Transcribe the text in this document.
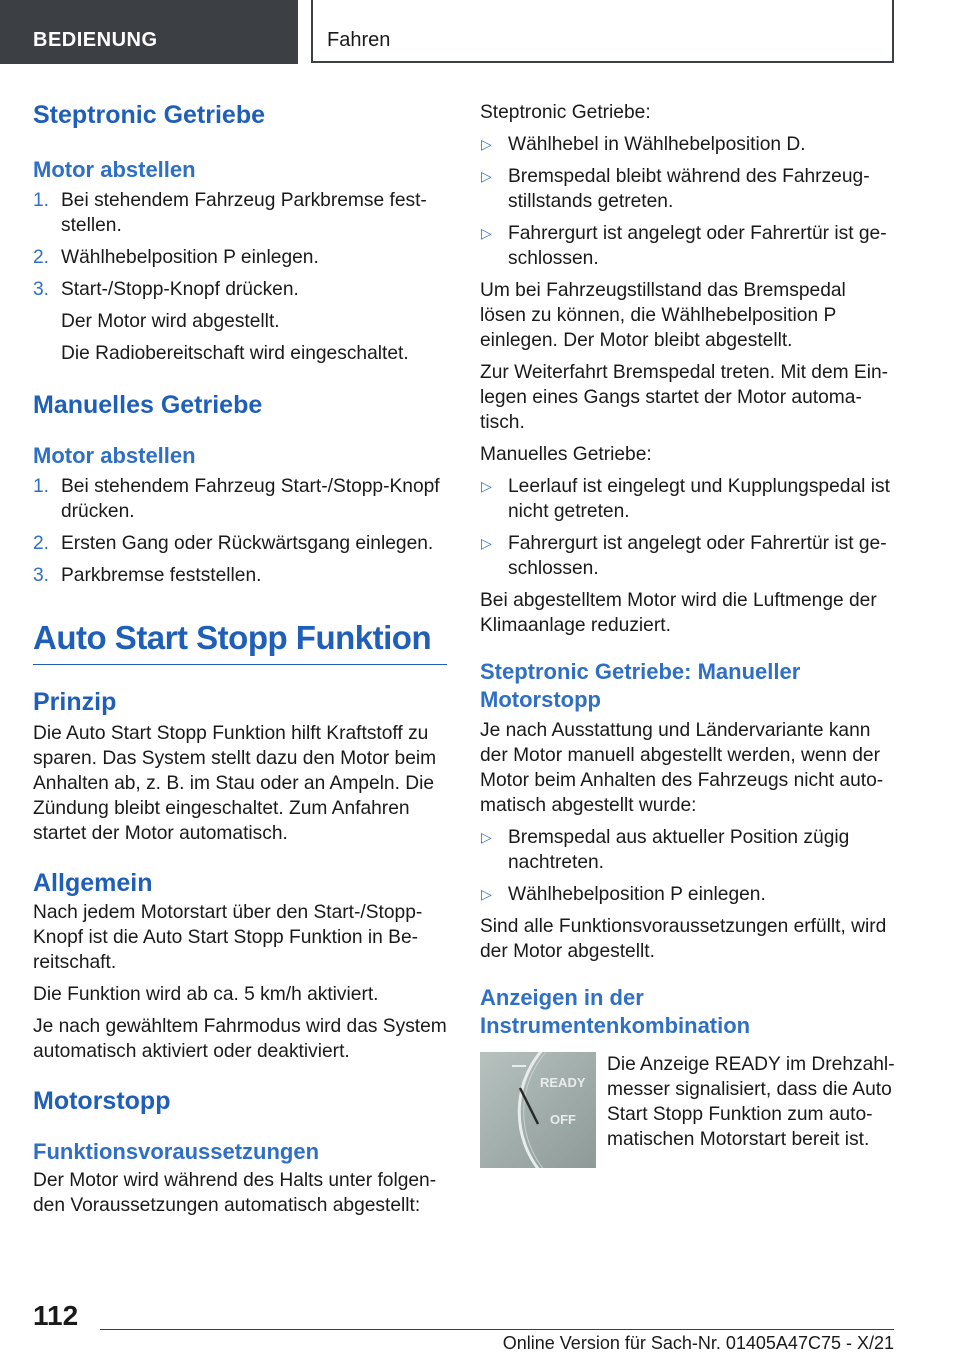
BEDIENUNG	Fahren
Steptronic Getriebe
Motor abstellen
1. Bei stehendem Fahrzeug Parkbremse feststellen.
2. Wählhebelposition P einlegen.
3. Start-/Stopp-Knopf drücken.

Der Motor wird abgestellt.

Die Radiobereitschaft wird eingeschaltet.

Manuelles Getriebe
Motor abstellen
1. Bei stehendem Fahrzeug Start-/Stopp-Knopf drücken.
2. Ersten Gang oder Rückwärtsgang einlegen.
3. Parkbremse feststellen.
Auto Start Stopp Funktion
Prinzip

Die Auto Start Stopp Funktion hilft Kraftstoff zu sparen. Das System stellt dazu den Motor beim Anhalten ab, z. B. im Stau oder an Ampeln. Die Zündung bleibt eingeschaltet. Zum Anfahren startet der Motor automatisch.

Allgemein

Nach jedem Motorstart über den Start-/Stopp-Knopf ist die Auto Start Stopp Funktion in Bereitschaft.

Die Funktion wird ab ca. 5 km/h aktiviert.

Je nach gewähltem Fahrmodus wird das System automatisch aktiviert oder deaktiviert.

Motorstopp
Funktionsvoraussetzungen

Der Motor wird während des Halts unter folgenden Voraussetzungen automatisch abgestellt:

Steptronic Getriebe:

▷ Wählhebel in Wählhebelposition D.
▷ Bremspedal bleibt während des Fahrzeugstillstands getreten.
▷ Fahrergurt ist angelegt oder Fahrertür ist geschlossen.

Um bei Fahrzeugstillstand das Bremspedal lösen zu können, die Wählhebelposition P einlegen. Der Motor bleibt abgestellt.

Zur Weiterfahrt Bremspedal treten. Mit dem Einlegen eines Gangs startet der Motor automatisch.

Manuelles Getriebe:

▷ Leerlauf ist eingelegt und Kupplungspedal ist nicht getreten.
▷ Fahrergurt ist angelegt oder Fahrertür ist geschlossen.

Bei abgestelltem Motor wird die Luftmenge der Klimaanlage reduziert.

Steptronic Getriebe: Manueller Motorstopp

Je nach Ausstattung und Ländervariante kann der Motor manuell abgestellt werden, wenn der Motor beim Anhalten des Fahrzeugs nicht automatisch abgestellt wurde:

▷ Bremspedal aus aktueller Position zügig nachtreten.
▷ Wählhebelposition P einlegen.

Sind alle Funktionsvoraussetzungen erfüllt, wird der Motor abgestellt.

Anzeigen in der Instrumentenkombination
READY
OFF

Die Anzeige READY im Drehzahlmesser signalisiert, dass die Auto Start Stopp Funktion zum automatischen Motorstart bereit ist.

112
Online Version für Sach-Nr. 01405A47C75 - X/21
